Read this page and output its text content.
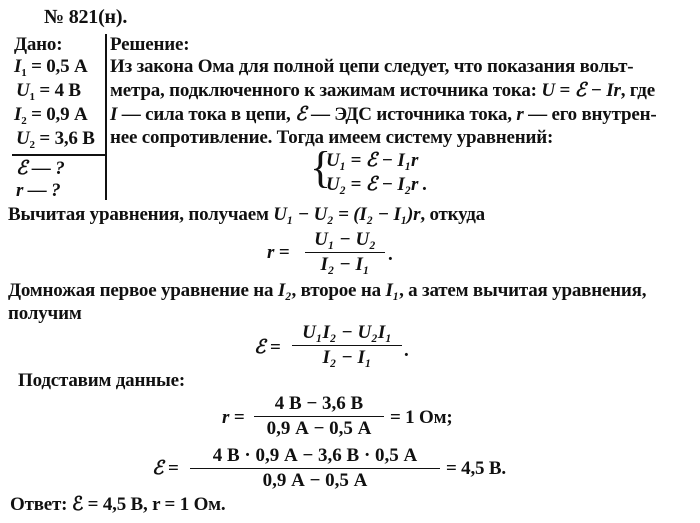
№ 821(н).
Дано:
$I_1 = 0,5$ А
$U_1 = 4$ В
$I_2 = 0,9$ А
$U_2 = 3,6$ В
ℰ — ?
r — ?
Решение:
Из закона Ома для полной цепи следует, что показания вольт-
метра, подключенного к зажимам источника тока: U = ℰ − Ir, где
I — сила тока в цепи, ℰ — ЭДС источника тока, r — его внутрен-
нее сопротивление. Тогда имеем систему уравнений:
{
U₁ = ℰ − I₁r
U₂ = ℰ − I₂r .
Вычитая уравнения, получаем U₁ − U₂ = (I₂ − I₁)r, откуда
r =
U₁ − U₂
I₂ − I₁ .
Домножая первое уравнение на I₂, второе на I₁, а затем вычитая уравнения,
получим
ℰ =
U₁I₂ − U₂I₁
I₂ − I₁	.
Подставим данные:
r =
4 В − 3,6 В
0,9 А − 0,5 А
= 1 Ом;
ℰ =
4 В · 0,9 А − 3,6 В · 0,5 А
0,9 А − 0,5 А
= 4,5 В.
Ответ: ℰ = 4,5 В, r = 1 Ом.
